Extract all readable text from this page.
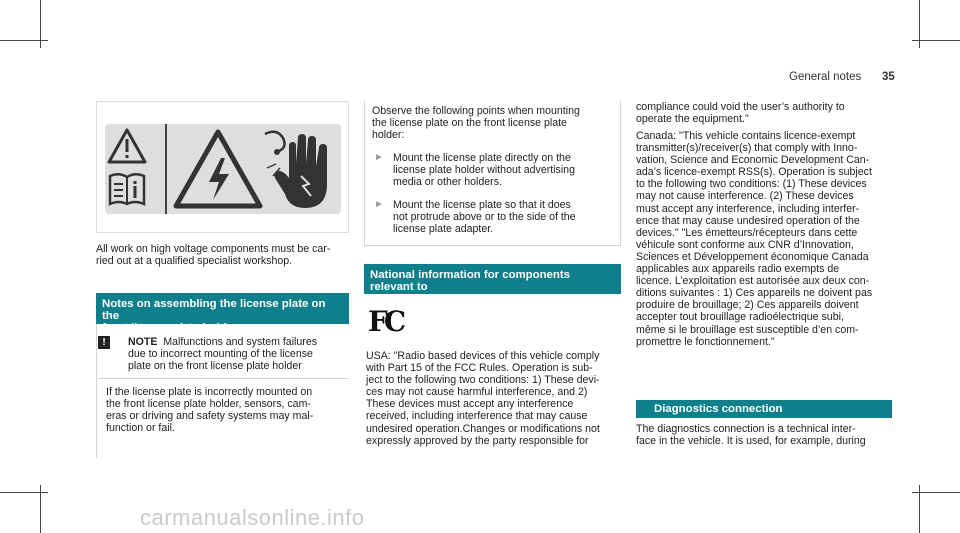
General notes 35
All work on high voltage components must be car-
ried out at a qualified specialist workshop.
Notes on assembling the license plate on the
front license plate holder
!	NOTE Malfunctions and system failures
due to incorrect mounting of the license
plate on the front license plate holder
If the license plate is incorrectly mounted on
the front license plate holder, sensors, cam-
eras or driving and safety systems may mal-
function or fail.
Observe the following points when mounting
the license plate on the front license plate
holder:
► Mount the license plate directly on the
license plate holder without advertising
media or other holders.
► Mount the license plate so that it does
not protrude above or to the side of the
license plate adapter.
National information for components relevant to
radio regulation
FC
USA: "Radio based devices of this vehicle comply
with Part 15 of the FCC Rules. Operation is sub-
ject to the following two conditions: 1) These devi-
ces may not cause harmful interference, and 2)
These devices must accept any interference
received, including interference that may cause
undesired operation.Changes or modifications not
expressly approved by the party responsible for
compliance could void the user’s authority to
operate the equipment."
Canada: "This vehicle contains licence-exempt
transmitter(s)/receiver(s) that comply with Inno-
vation, Science and Economic Development Can-
ada’s licence-exempt RSS(s). Operation is subject
to the following two conditions: (1) These devices
may not cause interference. (2) These devices
must accept any interference, including interfer-
ence that may cause undesired operation of the
devices." "Les émetteurs/récepteurs dans cette
véhicule sont conforme aux CNR d’Innovation,
Sciences et Développement économique Canada
applicables aux appareils radio exempts de
licence. L’exploitation est autorisée aux deux con-
ditions suivantes : 1) Ces appareils ne doivent pas
produire de brouillage; 2) Ces appareils doivent
accepter tout brouillage radioélectrique subi,
même si le brouillage est susceptible d’en com-
promettre le fonctionnement."
Diagnostics connection
The diagnostics connection is a technical inter-
face in the vehicle. It is used, for example, during
carmanualsonline.info
